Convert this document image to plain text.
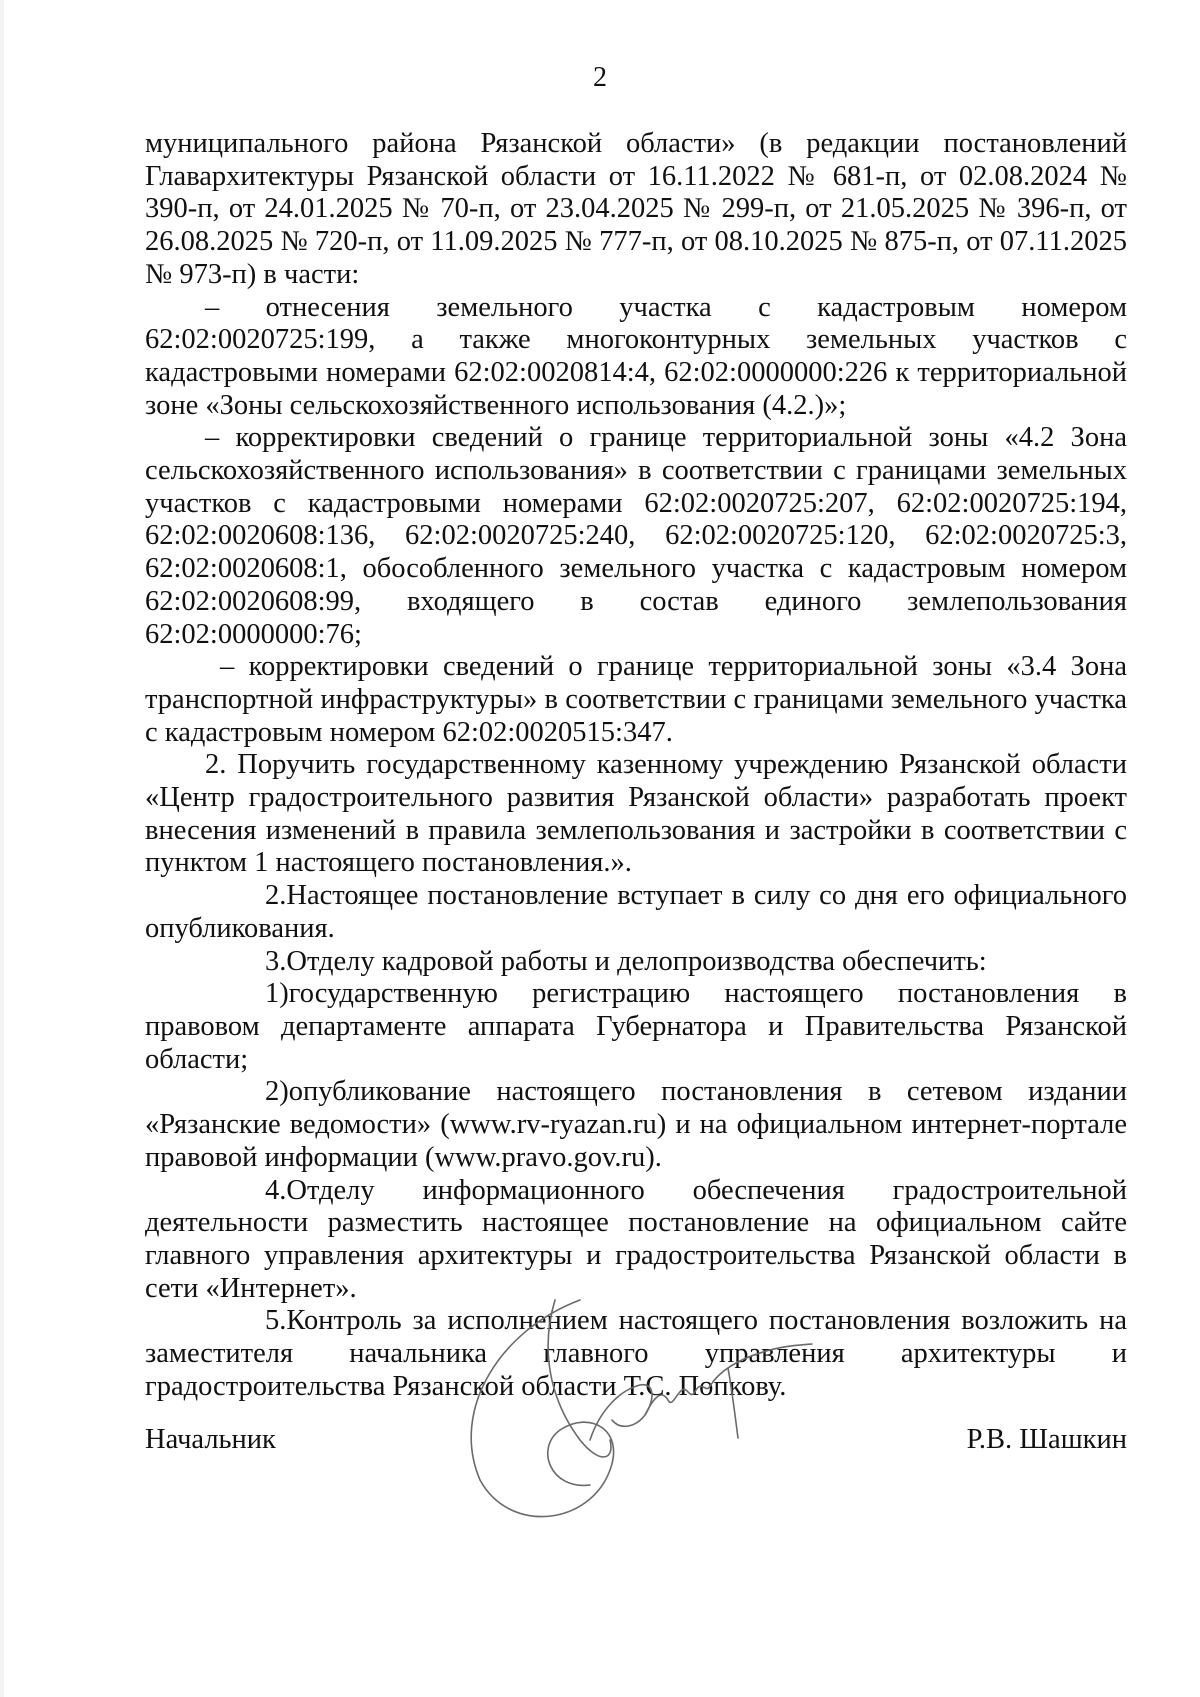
2

муниципального района Рязанской области» (в редакции постановлений Главархитектуры Рязанской области от 16.11.2022 № 681-п, от 02.08.2024 № 390-п, от 24.01.2025 № 70-п, от 23.04.2025 № 299-п, от 21.05.2025 № 396-п, от 26.08.2025 № 720-п, от 11.09.2025 № 777-п, от 08.10.2025 № 875-п, от 07.11.2025 № 973-п) в части:

– отнесения земельного участка с кадастровым номером 62:02:0020725:199, а также многоконтурных земельных участков с кадастровыми номерами 62:02:0020814:4, 62:02:0000000:226 к территориальной зоне «Зоны сельскохозяйственного использования (4.2.)»;

– корректировки сведений о границе территориальной зоны «4.2 Зона сельскохозяйственного использования» в соответствии с границами земельных участков с кадастровыми номерами 62:02:0020725:207, 62:02:0020725:194, 62:02:0020608:136, 62:02:0020725:240, 62:02:0020725:120, 62:02:0020725:3, 62:02:0020608:1, обособленного земельного участка с кадастровым номером 62:02:0020608:99, входящего в состав единого землепользования 62:02:0000000:76;

– корректировки сведений о границе территориальной зоны «3.4 Зона транспортной инфраструктуры» в соответствии с границами земельного участка с кадастровым номером 62:02:0020515:347.

2. Поручить государственному казенному учреждению Рязанской области «Центр градостроительного развития Рязанской области» разработать проект внесения изменений в правила землепользования и застройки в соответствии с пунктом 1 настоящего постановления.».

2.Настоящее постановление вступает в силу со дня его официального опубликования.

3.Отделу кадровой работы и делопроизводства обеспечить:

1)государственную регистрацию настоящего постановления в правовом департаменте аппарата Губернатора и Правительства Рязанской области;

2)опубликование настоящего постановления в сетевом издании «Рязанские ведомости» (www.rv-ryazan.ru) и на официальном интернет-портале правовой информации (www.pravo.gov.ru).

4.Отделу информационного обеспечения градостроительной деятельности разместить настоящее постановление на официальном сайте главного управления архитектуры и градостроительства Рязанской области в сети «Интернет».

5.Контроль за исполнением настоящего постановления возложить на заместителя начальника главного управления архитектуры и градостроительства Рязанской области Т.С. Попкову.

Начальник	Р.В. Шашкин
